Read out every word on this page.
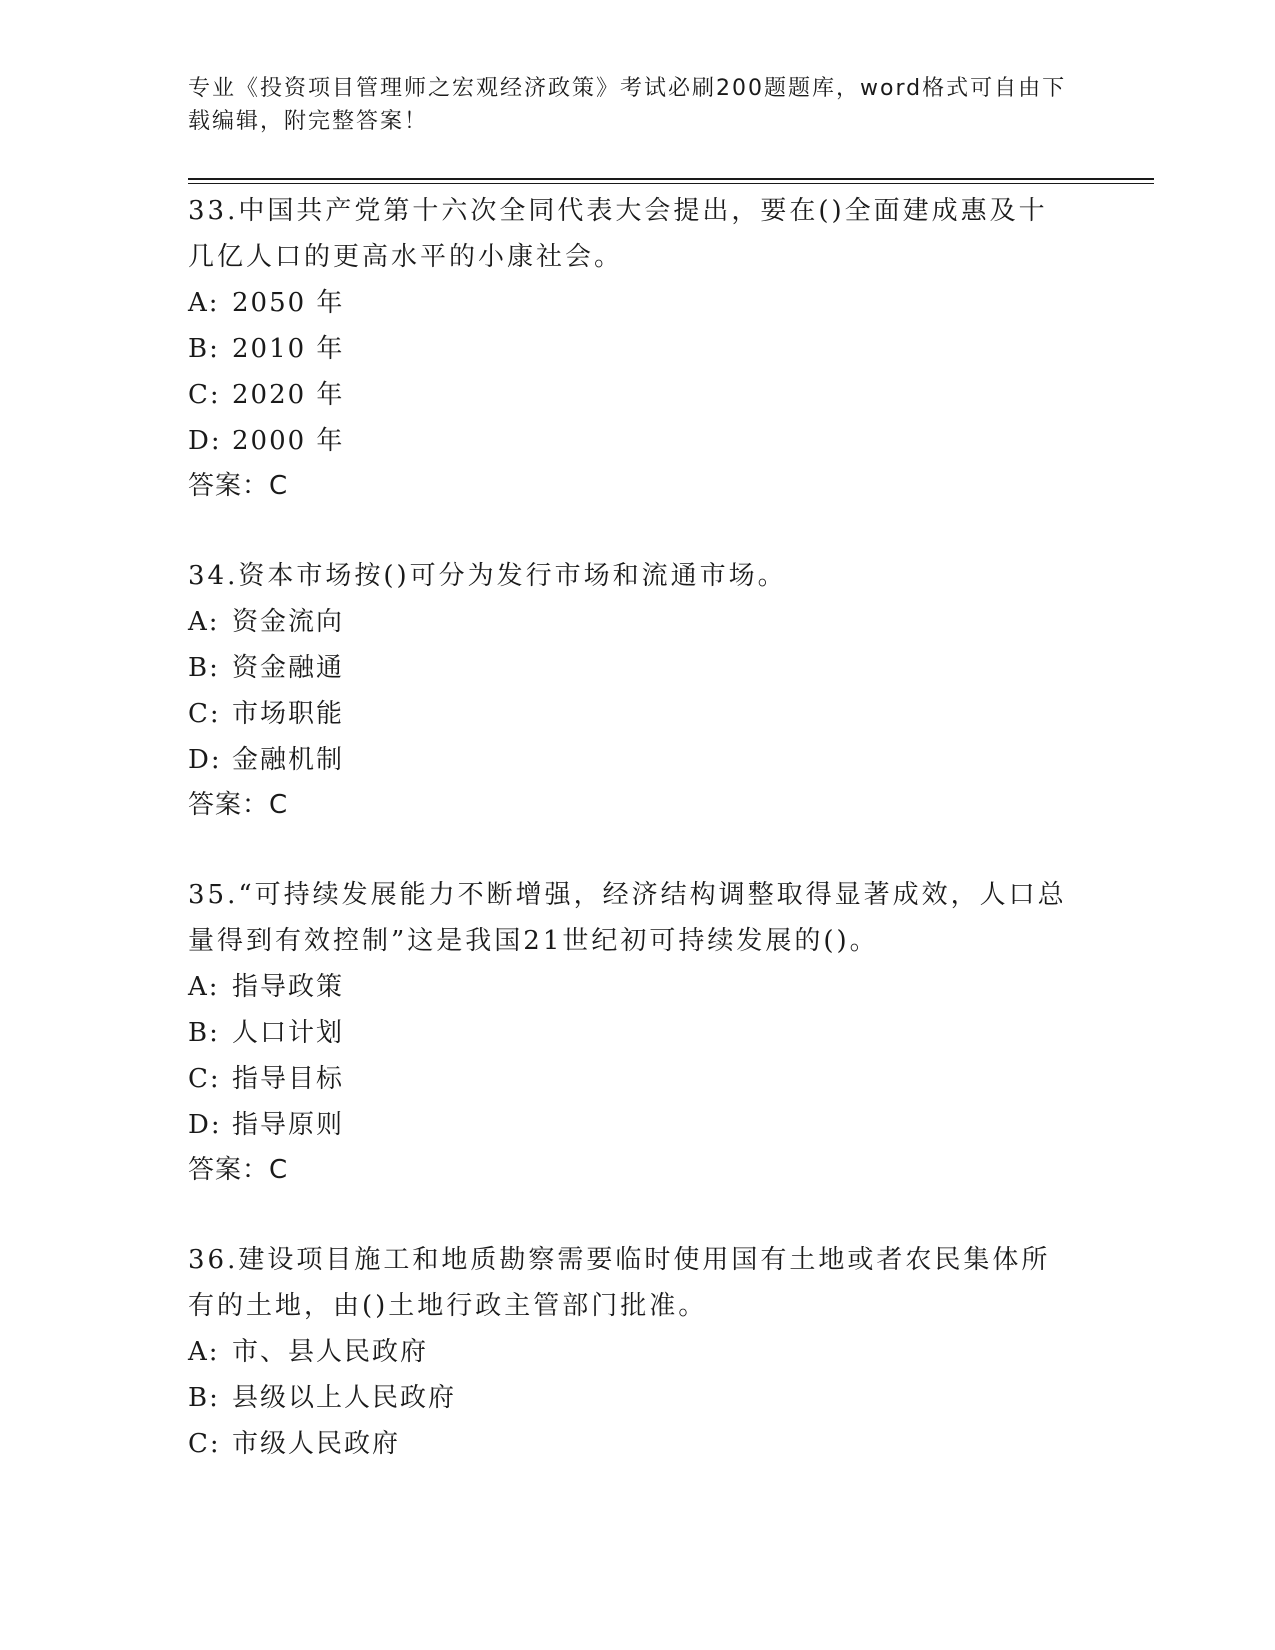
专业《投资项目管理师之宏观经济政策》考试必刷200题题库，word格式可自由下载编辑，附完整答案！
33.中国共产党第十六次全同代表大会提出，要在()全面建成惠及十几亿人口的更高水平的小康社会。
A: 2050 年
B: 2010 年
C: 2020 年
D: 2000 年
答案：C
34.资本市场按()可分为发行市场和流通市场。
A: 资金流向
B: 资金融通
C: 市场职能
D: 金融机制
答案：C
35.“可持续发展能力不断增强，经济结构调整取得显著成效，人口总量得到有效控制”这是我国21世纪初可持续发展的()。
A: 指导政策
B: 人口计划
C: 指导目标
D: 指导原则
答案：C
36.建设项目施工和地质勘察需要临时使用国有土地或者农民集体所有的土地，由()土地行政主管部门批准。
A: 市、县人民政府
B: 县级以上人民政府
C: 市级人民政府
